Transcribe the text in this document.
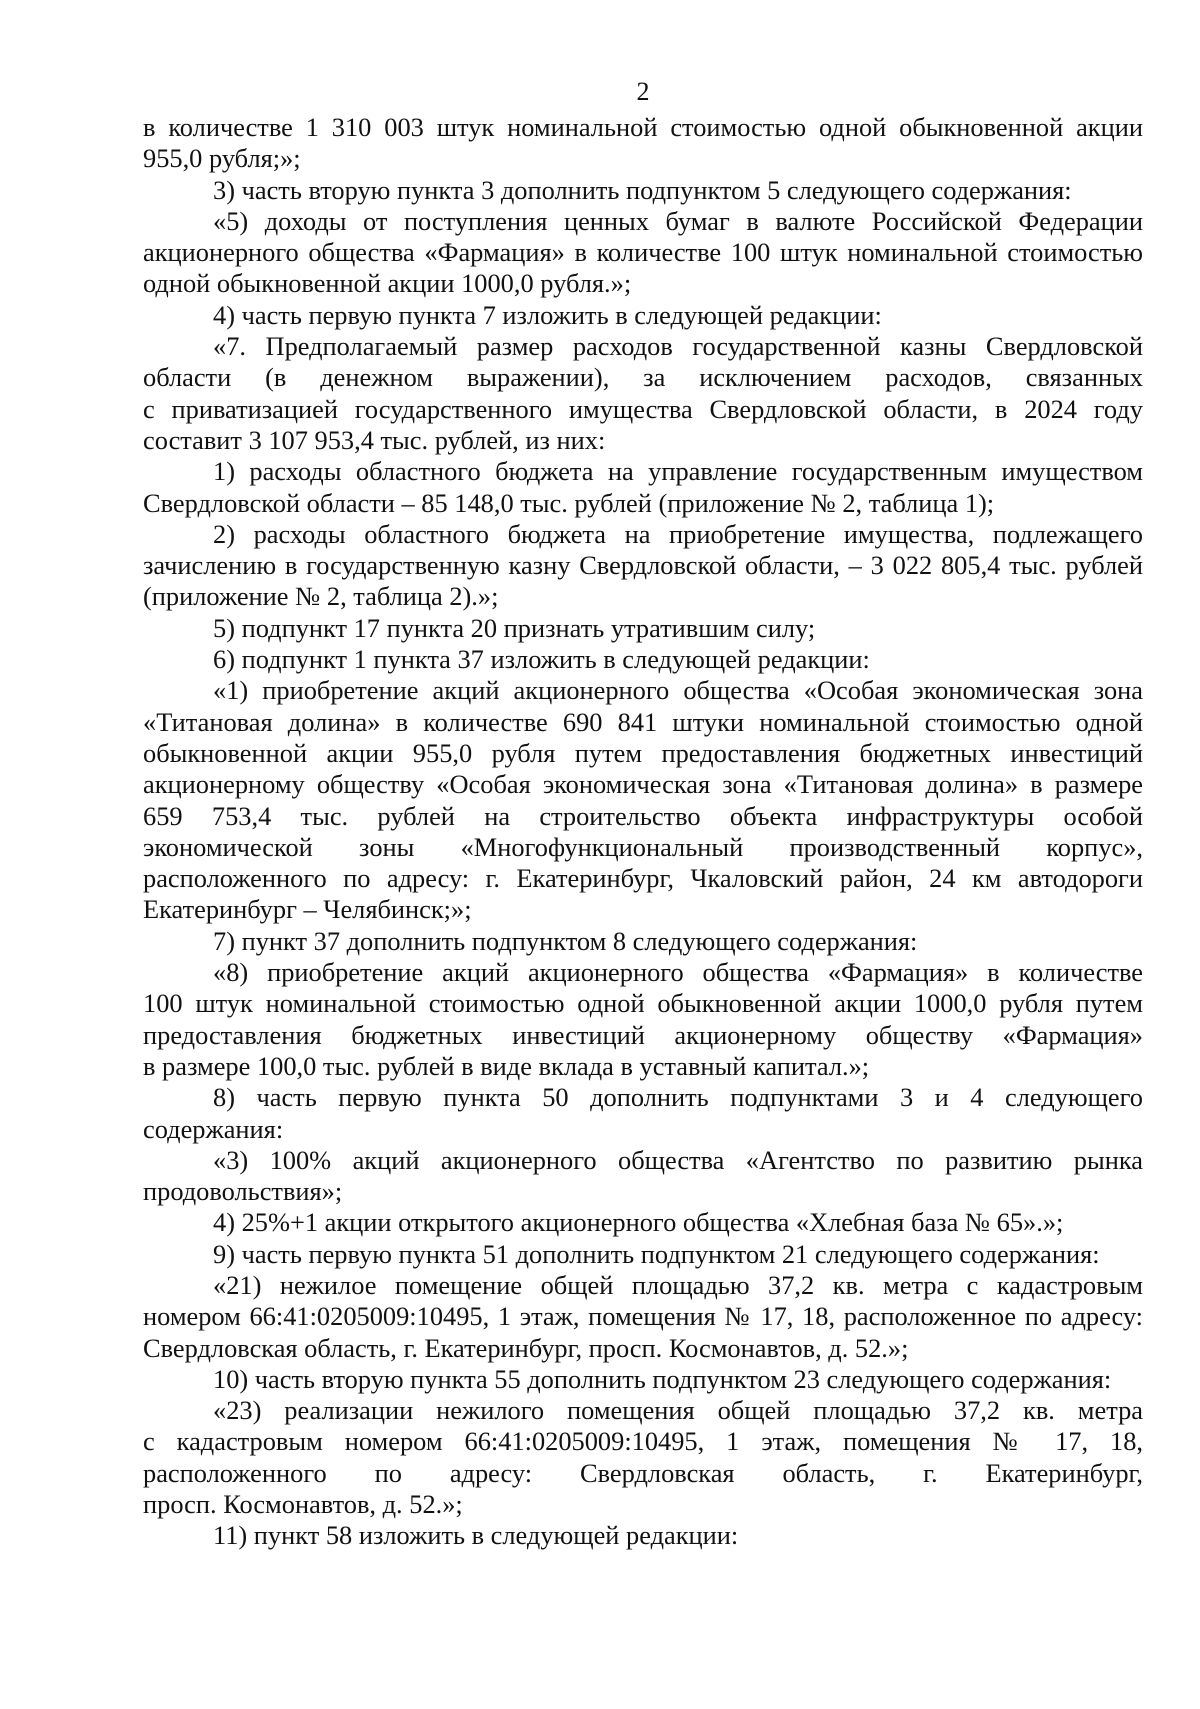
2
в количестве 1 310 003 штук номинальной стоимостью одной обыкновенной акции
955,0 рубля;»;
3) часть вторую пункта 3 дополнить подпунктом 5 следующего содержания:
«5) доходы от поступления ценных бумаг в валюте Российской Федерации
акционерного общества «Фармация» в количестве 100 штук номинальной стоимостью
одной обыкновенной акции 1000,0 рубля.»;
4) часть первую пункта 7 изложить в следующей редакции:
«7. Предполагаемый размер расходов государственной казны Свердловской
области (в денежном выражении), за исключением расходов, связанных
с приватизацией государственного имущества Свердловской области, в 2024 году
составит 3 107 953,4 тыс. рублей, из них:
1) расходы областного бюджета на управление государственным имуществом
Свердловской области – 85 148,0 тыс. рублей (приложение № 2, таблица 1);
2) расходы областного бюджета на приобретение имущества, подлежащего
зачислению в государственную казну Свердловской области, – 3 022 805,4 тыс. рублей
(приложение № 2, таблица 2).»;
5) подпункт 17 пункта 20 признать утратившим силу;
6) подпункт 1 пункта 37 изложить в следующей редакции:
«1) приобретение акций акционерного общества «Особая экономическая зона
«Титановая долина» в количестве 690 841 штуки номинальной стоимостью одной
обыкновенной акции 955,0 рубля путем предоставления бюджетных инвестиций
акционерному обществу «Особая экономическая зона «Титановая долина» в размере
659 753,4 тыс. рублей на строительство объекта инфраструктуры особой
экономической зоны «Многофункциональный производственный корпус»,
расположенного по адресу: г. Екатеринбург, Чкаловский район, 24 км автодороги
Екатеринбург – Челябинск;»;
7) пункт 37 дополнить подпунктом 8 следующего содержания:
«8) приобретение акций акционерного общества «Фармация» в количестве
100 штук номинальной стоимостью одной обыкновенной акции 1000,0 рубля путем
предоставления бюджетных инвестиций акционерному обществу «Фармация»
в размере 100,0 тыс. рублей в виде вклада в уставный капитал.»;
8) часть первую пункта 50 дополнить подпунктами 3 и 4 следующего
содержания:
«3) 100% акций акционерного общества «Агентство по развитию рынка
продовольствия»;
4) 25%+1 акции открытого акционерного общества «Хлебная база № 65».»;
9) часть первую пункта 51 дополнить подпунктом 21 следующего содержания:
«21) нежилое помещение общей площадью 37,2 кв. метра с кадастровым
номером 66:41:0205009:10495, 1 этаж, помещения № 17, 18, расположенное по адресу:
Свердловская область, г. Екатеринбург, просп. Космонавтов, д. 52.»;
10) часть вторую пункта 55 дополнить подпунктом 23 следующего содержания:
«23) реализации нежилого помещения общей площадью 37,2 кв. метра
с кадастровым номером 66:41:0205009:10495, 1 этаж, помещения № 17, 18,
расположенного по адресу: Свердловская область, г. Екатеринбург,
просп. Космонавтов, д. 52.»;
11) пункт 58 изложить в следующей редакции:
